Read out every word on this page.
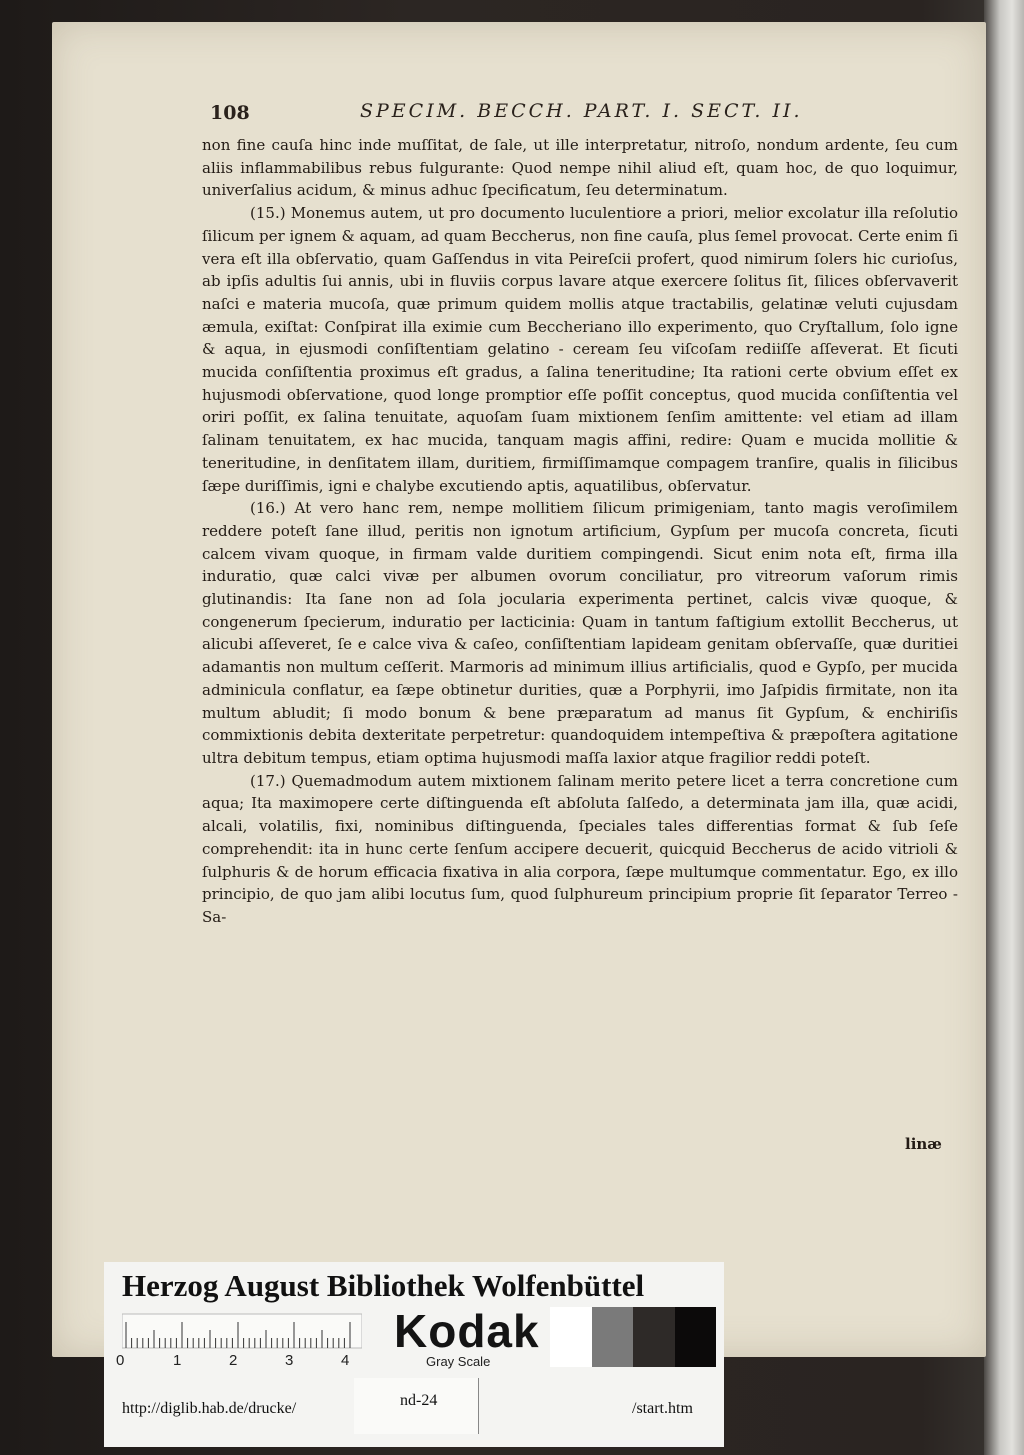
108	SPECIM. BECCH. PART. I. SECT. II.

non fine cauſa hinc inde muſſitat, de ſale, ut ille interpretatur, nitroſo, nondum ardente, ſeu cum aliis inflammabilibus rebus fulgurante: Quod nempe nihil aliud eſt, quam hoc, de quo loquimur, univerſalius acidum, & minus adhuc ſpecificatum, ſeu determinatum.

(15.) Monemus autem, ut pro documento luculentiore a priori, melior excolatur illa reſolutio ſilicum per ignem & aquam, ad quam Beccherus, non fine cauſa, plus ſemel provocat. Certe enim ſi vera eſt illa obſervatio, quam Gaſſendus in vita Peireſcii profert, quod nimirum ſolers hic curioſus, ab ipſis adultis ſui annis, ubi in fluviis corpus lavare atque exercere ſolitus ſit, ſilices obſervaverit naſci e materia mucoſa, quæ primum quidem mollis atque tractabilis, gelatinæ veluti cujusdam æmula, exiſtat: Conſpirat illa eximie cum Beccheriano illo experimento, quo Cryſtallum, ſolo igne & aqua, in ejusmodi conſiſtentiam gelatino - ceream ſeu viſcoſam rediiſſe aſſeverat. Et ſicuti mucida conſiſtentia proximus eſt gradus, a ſalina teneritudine; Ita rationi certe obvium eſſet ex hujusmodi obſervatione, quod longe promptior eſſe poſſit conceptus, quod mucida conſiſtentia vel oriri poſſit, ex ſalina tenuitate, aquoſam ſuam mixtionem ſenſim amittente: vel etiam ad illam ſalinam tenuitatem, ex hac mucida, tanquam magis affini, redire: Quam e mucida mollitie & teneritudine, in denſitatem illam, duritiem, firmiſſimamque compagem tranſire, qualis in ſilicibus ſæpe duriſſimis, igni e chalybe excutiendo aptis, aquatilibus, obſervatur.

(16.) At vero hanc rem, nempe mollitiem ſilicum primigeniam, tanto magis veroſimilem reddere poteſt ſane illud, peritis non ignotum artificium, Gypſum per mucoſa concreta, ſicuti calcem vivam quoque, in firmam valde duritiem compingendi. Sicut enim nota eſt, firma illa induratio, quæ calci vivæ per albumen ovorum conciliatur, pro vitreorum vaſorum rimis glutinandis: Ita ſane non ad ſola jocularia experimenta pertinet, calcis vivæ quoque, & congenerum ſpecierum, induratio per lacticinia: Quam in tantum faſtigium extollit Beccherus, ut alicubi aſſeveret, ſe e calce viva & caſeo, conſiſtentiam lapideam genitam obſervaſſe, quæ duritiei adamantis non multum ceſſerit. Marmoris ad minimum illius artificialis, quod e Gypſo, per mucida adminicula conflatur, ea ſæpe obtinetur durities, quæ a Porphyrii, imo Jaſpidis firmitate, non ita multum abludit; ſi modo bonum & bene præparatum ad manus ſit Gypſum, & enchiriſis commixtionis debita dexteritate perpetretur: quandoquidem intempeſtiva & præpoſtera agitatione ultra debitum tempus, etiam optima hujusmodi maſſa laxior atque fragilior reddi poteſt.

(17.) Quemadmodum autem mixtionem ſalinam merito petere licet a terra concretione cum aqua; Ita maximopere certe diſtinguenda eſt abſoluta ſalſedo, a determinata jam illa, quæ acidi, alcali, volatilis, fixi, nominibus diſtinguenda, ſpeciales tales differentias format & ſub ſeſe comprehendit: ita in hunc certe ſenſum accipere decuerit, quicquid Beccherus de acido vitrioli & ſulphuris & de horum efficacia fixativa in alia corpora, ſæpe multumque commentatur. Ego, ex illo principio, de quo jam alibi locutus ſum, quod ſulphureum principium proprie ſit ſeparator Terreo - Sa-

linæ
Herzog August Bibliothek Wolfenbüttel
0	1	2	3	4
Kodak
Gray Scale
http://diglib.hab.de/drucke/	nd-24	/start.htm
